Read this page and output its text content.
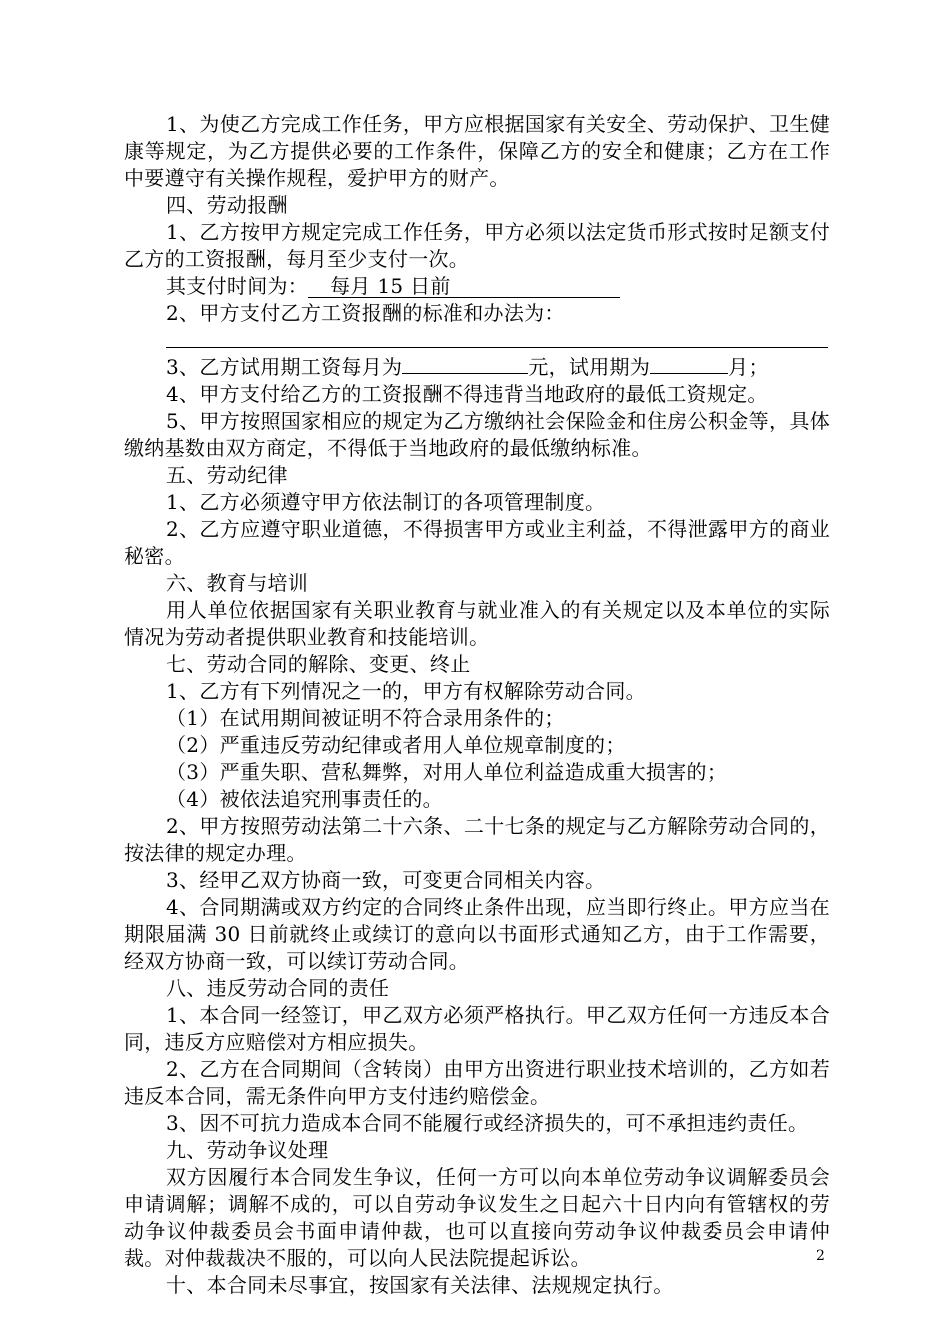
1、为使乙方完成工作任务，甲方应根据国家有关安全、劳动保护、卫生健康等规定，为乙方提供必要的工作条件，保障乙方的安全和健康；乙方在工作中要遵守有关操作规程，爱护甲方的财产。

四、劳动报酬

1、乙方按甲方规定完成工作任务，甲方必须以法定货币形式按时足额支付乙方的工资报酬，每月至少支付一次。

其支付时间为： 每月 15 日前

2、甲方支付乙方工资报酬的标准和办法为：

3、乙方试用期工资每月为	元，试用期为	月；

4、甲方支付给乙方的工资报酬不得违背当地政府的最低工资规定。

5、甲方按照国家相应的规定为乙方缴纳社会保险金和住房公积金等，具体缴纳基数由双方商定，不得低于当地政府的最低缴纳标准。

五、劳动纪律

1、乙方必须遵守甲方依法制订的各项管理制度。

2、乙方应遵守职业道德，不得损害甲方或业主利益，不得泄露甲方的商业秘密。

六、教育与培训

用人单位依据国家有关职业教育与就业准入的有关规定以及本单位的实际情况为劳动者提供职业教育和技能培训。

七、劳动合同的解除、变更、终止

1、乙方有下列情况之一的，甲方有权解除劳动合同。

（1）在试用期间被证明不符合录用条件的；

（2）严重违反劳动纪律或者用人单位规章制度的；

（3）严重失职、营私舞弊，对用人单位利益造成重大损害的；

（4）被依法追究刑事责任的。

2、甲方按照劳动法第二十六条、二十七条的规定与乙方解除劳动合同的，按法律的规定办理。

3、经甲乙双方协商一致，可变更合同相关内容。

4、合同期满或双方约定的合同终止条件出现，应当即行终止。甲方应当在期限届满 30 日前就终止或续订的意向以书面形式通知乙方，由于工作需要，经双方协商一致，可以续订劳动合同。

八、违反劳动合同的责任

1、本合同一经签订，甲乙双方必须严格执行。甲乙双方任何一方违反本合同，违反方应赔偿对方相应损失。

2、乙方在合同期间（含转岗）由甲方出资进行职业技术培训的，乙方如若违反本合同，需无条件向甲方支付违约赔偿金。

3、因不可抗力造成本合同不能履行或经济损失的，可不承担违约责任。

九、劳动争议处理

双方因履行本合同发生争议，任何一方可以向本单位劳动争议调解委员会申请调解；调解不成的，可以自劳动争议发生之日起六十日内向有管辖权的劳动争议仲裁委员会书面申请仲裁，也可以直接向劳动争议仲裁委员会申请仲裁。对仲裁裁决不服的，可以向人民法院提起诉讼。

十、本合同未尽事宜，按国家有关法律、法规规定执行。

2
